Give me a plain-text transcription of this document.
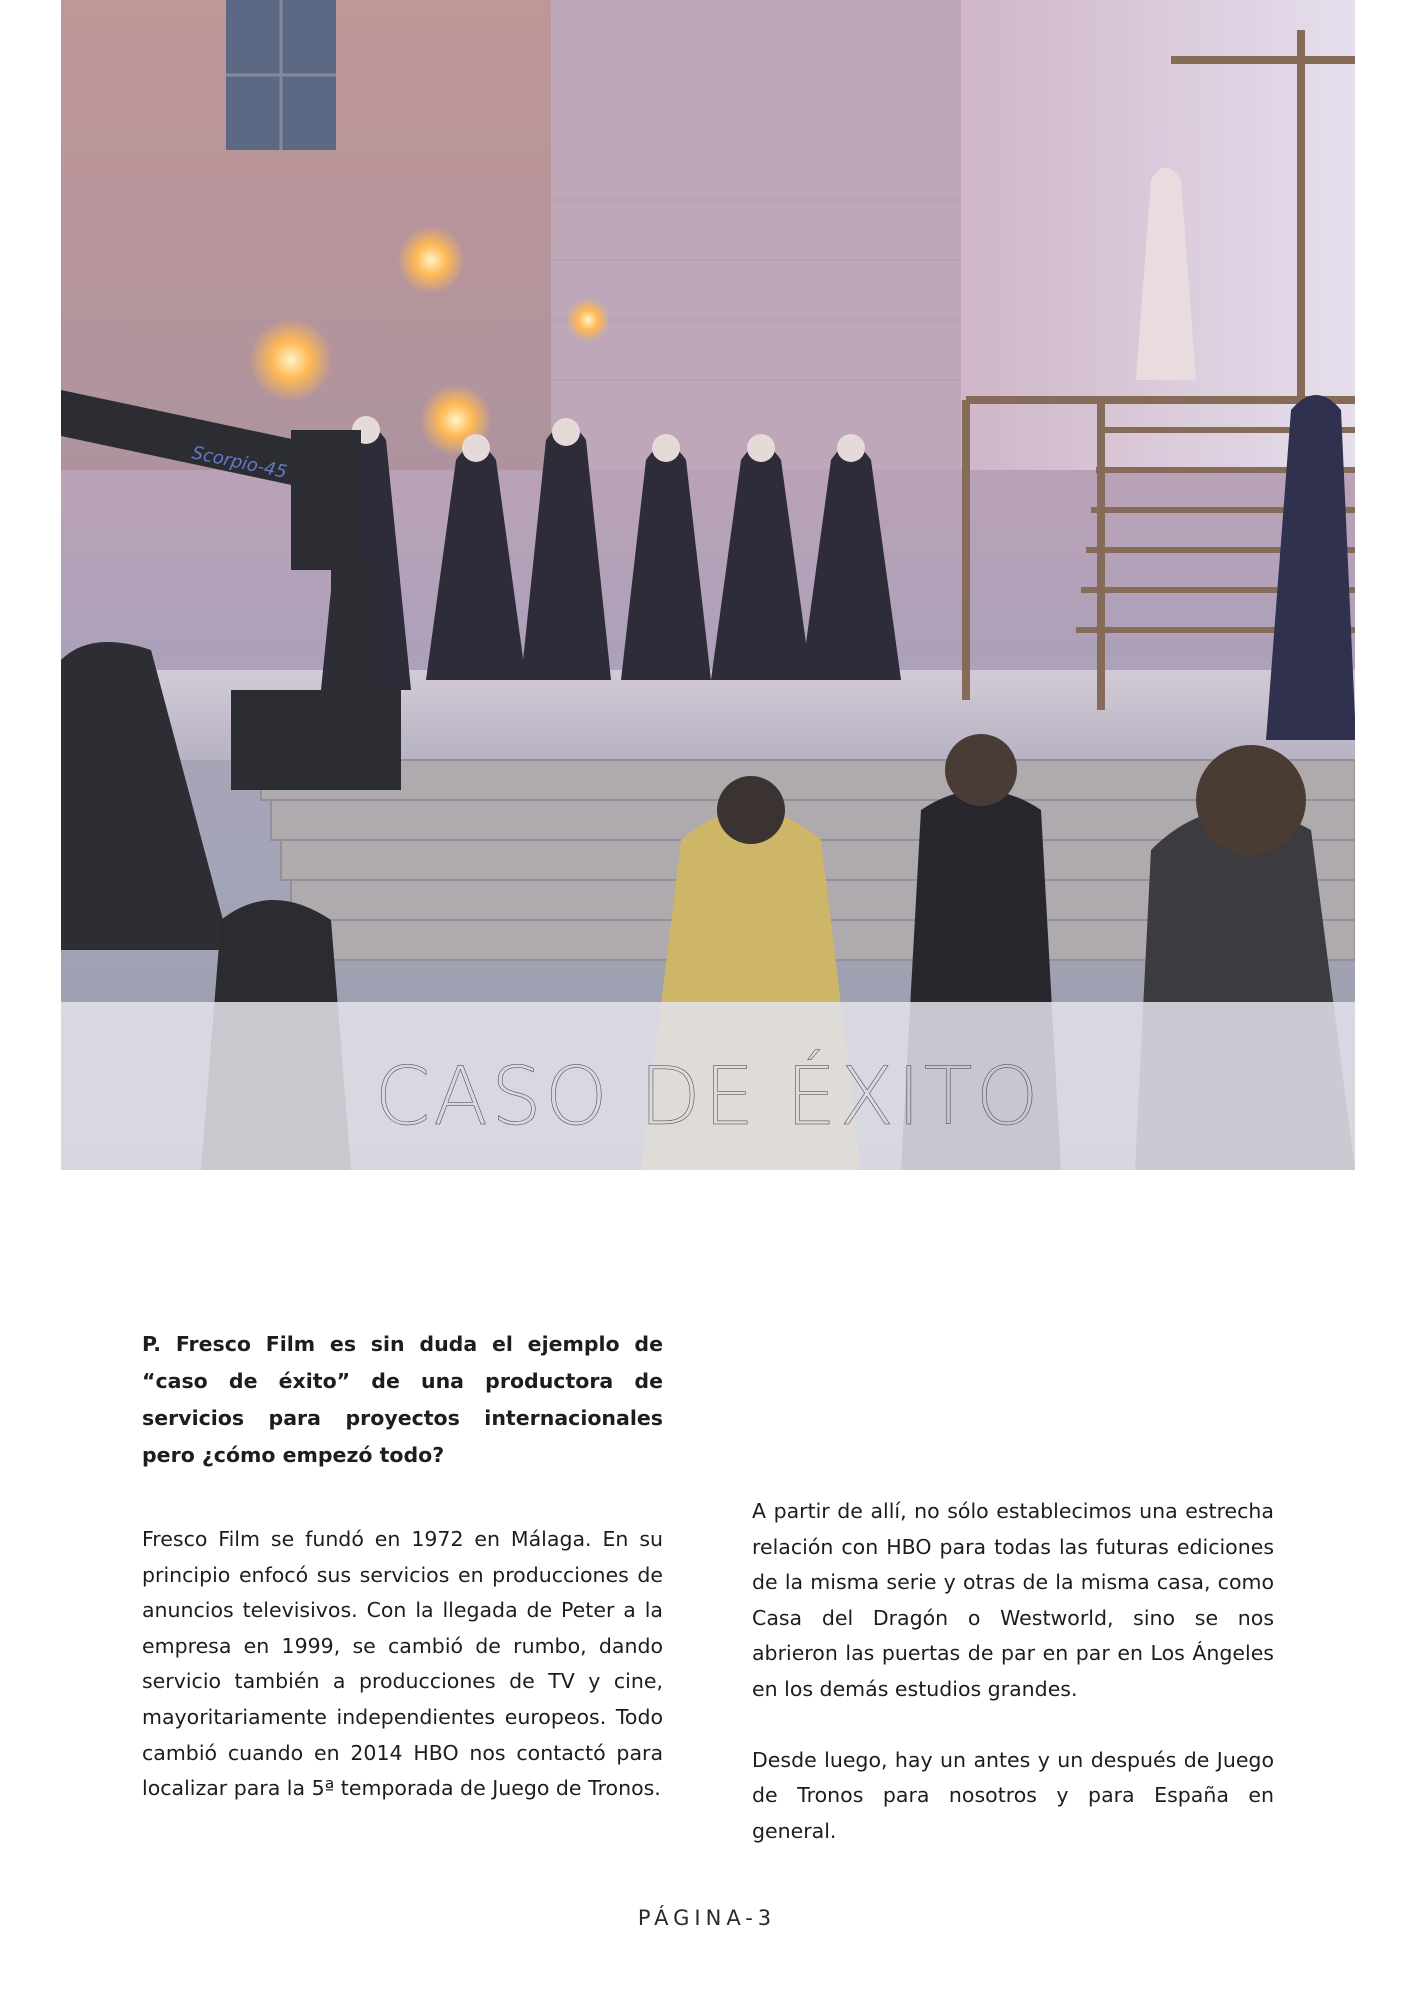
Scorpio-45
CASO DE ÉXITO

P. Fresco Film es sin duda el ejemplo de “caso de éxito” de una productora de servicios para proyectos internacionales pero ¿cómo empezó todo?

Fresco Film se fundó en 1972 en Málaga. En su principio enfocó sus servicios en producciones de anuncios televisivos. Con la llegada de Peter a la empresa en 1999, se cambió de rumbo, dando servicio también a producciones de TV y cine, mayoritariamente independientes europeos. Todo cambió cuando en 2014 HBO nos contactó para localizar para la 5ª temporada de Juego de Tronos.

A partir de allí, no sólo establecimos una estrecha relación con HBO para todas las futuras ediciones de la misma serie y otras de la misma casa, como Casa del Dragón o Westworld, sino se nos abrieron las puertas de par en par en Los Ángeles en los demás estudios grandes.

Desde luego, hay un antes y un después de Juego de Tronos para nosotros y para España en general.

PÁGINA-3
